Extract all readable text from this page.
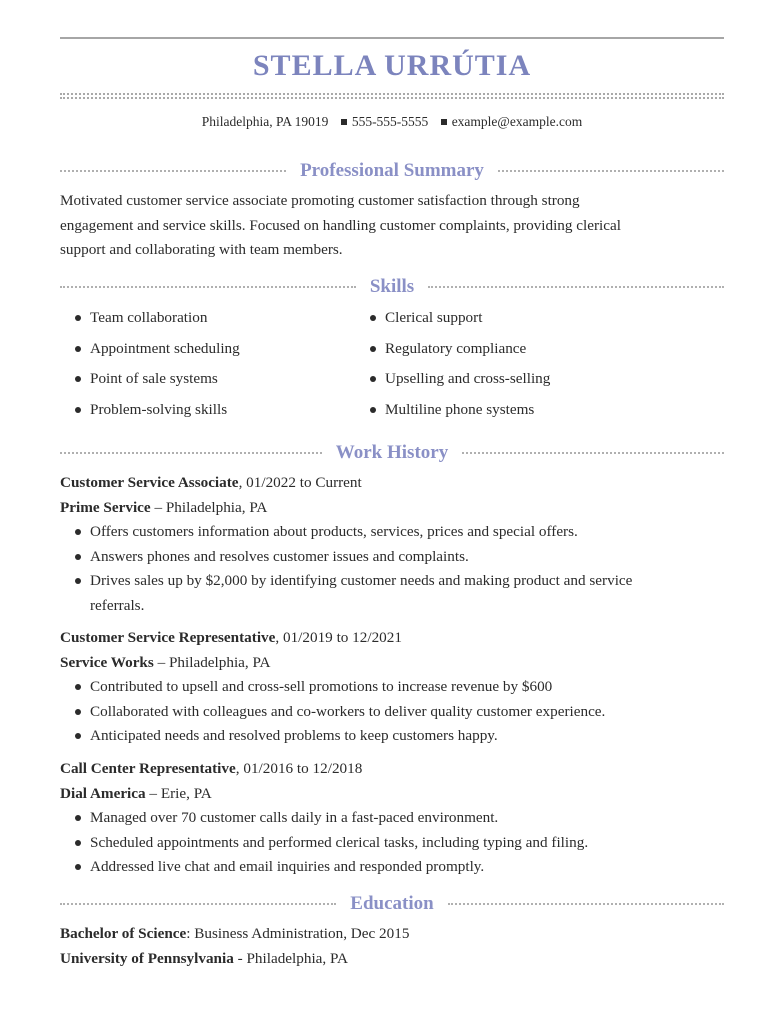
STELLA URRÚTIA
Philadelphia, PA 19019 555-555-5555 example@example.com
Professional Summary
Motivated customer service associate promoting customer satisfaction through strong
engagement and service skills. Focused on handling customer complaints, providing clerical
support and collaborating with team members.
Skills
Team collaboration
Appointment scheduling
Point of sale systems
Problem-solving skills
Clerical support
Regulatory compliance
Upselling and cross-selling
Multiline phone systems
Work History
Customer Service Associate, 01/2022 to Current
Prime Service – Philadelphia, PA
Offers customers information about products, services, prices and special offers.
Answers phones and resolves customer issues and complaints.
Drives sales up by $2,000 by identifying customer needs and making product and service
referrals.
Customer Service Representative, 01/2019 to 12/2021
Service Works – Philadelphia, PA
Contributed to upsell and cross-sell promotions to increase revenue by $600
Collaborated with colleagues and co-workers to deliver quality customer experience.
Anticipated needs and resolved problems to keep customers happy.
Call Center Representative, 01/2016 to 12/2018
Dial America – Erie, PA
Managed over 70 customer calls daily in a fast-paced environment.
Scheduled appointments and performed clerical tasks, including typing and filing.
Addressed live chat and email inquiries and responded promptly.
Education
Bachelor of Science: Business Administration, Dec 2015
University of Pennsylvania - Philadelphia, PA
